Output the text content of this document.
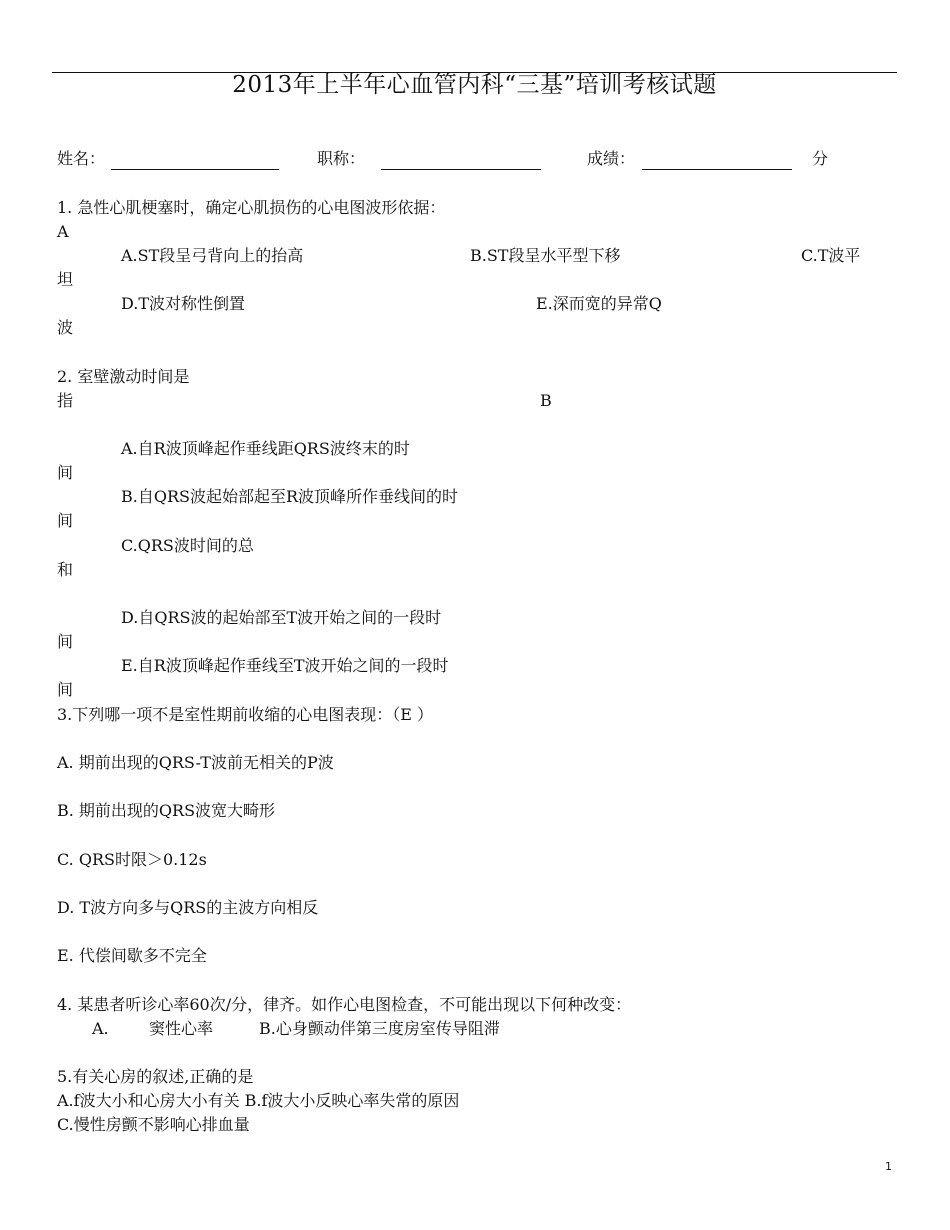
2013年上半年心血管内科“三基”培训考核试题
姓名：	职称：	成绩：	分
1. 急性心肌梗塞时，确定心肌损伤的心电图波形依据：
A
A.ST段呈弓背向上的抬高	B.ST段呈水平型下移	C.T波平
坦
D.T波对称性倒置	E.深而宽的异常Q
波
2. 室壁激动时间是
指	B
A.自R波顶峰起作垂线距QRS波终末的时
间
B.自QRS波起始部起至R波顶峰所作垂线间的时
间
C.QRS波时间的总
和
D.自QRS波的起始部至T波开始之间的一段时
间
E.自R波顶峰起作垂线至T波开始之间的一段时
间
3.下列哪一项不是室性期前收缩的心电图表现：（E ）
A. 期前出现的QRS-T波前无相关的P波
B. 期前出现的QRS波宽大畸形
C. QRS时限＞0.12s
D. T波方向多与QRS的主波方向相反
E. 代偿间歇多不完全
4. 某患者听诊心率60次/分，律齐。如作心电图检查，不可能出现以下何种改变：
A.	窦性心率	B.心身颤动伴第三度房室传导阻滞
5.有关心房的叙述,正确的是
A.f波大小和心房大小有关 B.f波大小反映心率失常的原因
C.慢性房颤不影响心排血量
1
